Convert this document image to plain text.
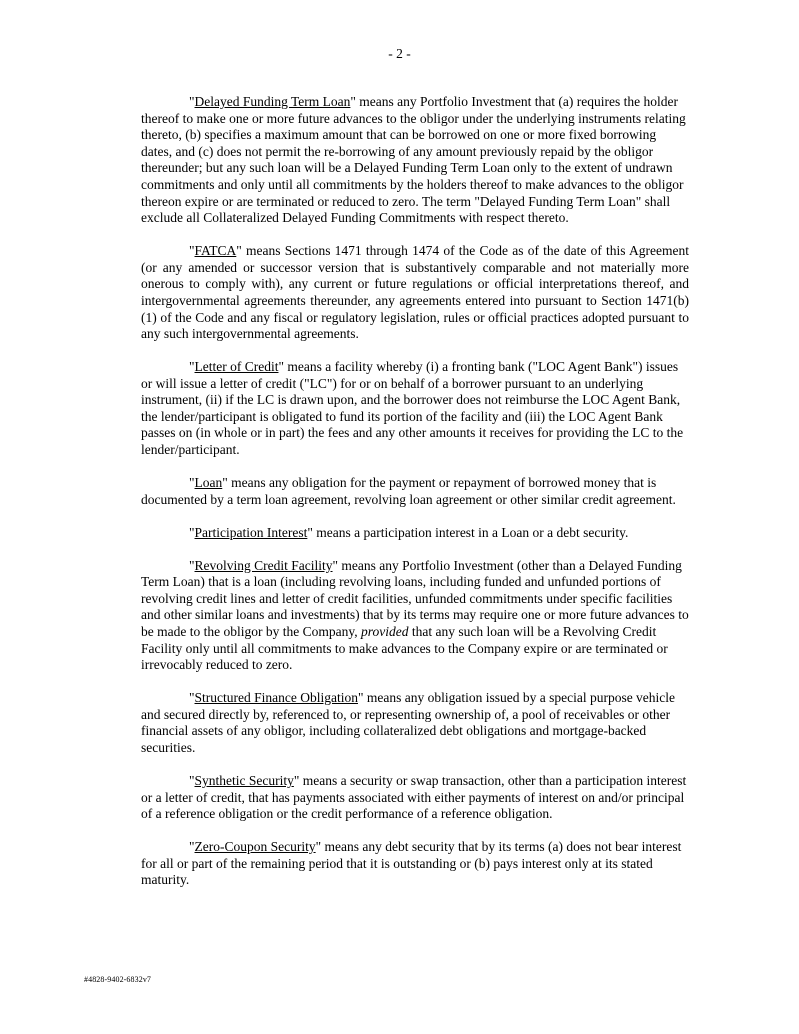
- 2 -

"Delayed Funding Term Loan" means any Portfolio Investment that (a) requires the holder thereof to make one or more future advances to the obligor under the underlying instruments relating thereto, (b) specifies a maximum amount that can be borrowed on one or more fixed borrowing dates, and (c) does not permit the re-borrowing of any amount previously repaid by the obligor thereunder; but any such loan will be a Delayed Funding Term Loan only to the extent of undrawn commitments and only until all commitments by the holders thereof to make advances to the obligor thereon expire or are terminated or reduced to zero. The term "Delayed Funding Term Loan" shall exclude all Collateralized Delayed Funding Commitments with respect thereto.

"FATCA" means Sections 1471 through 1474 of the Code as of the date of this Agreement (or any amended or successor version that is substantively comparable and not materially more onerous to comply with), any current or future regulations or official interpretations thereof, and intergovernmental agreements thereunder, any agreements entered into pursuant to Section 1471(b)(1) of the Code and any fiscal or regulatory legislation, rules or official practices adopted pursuant to any such intergovernmental agreements.

"Letter of Credit" means a facility whereby (i) a fronting bank ("LOC Agent Bank") issues or will issue a letter of credit ("LC") for or on behalf of a borrower pursuant to an underlying instrument, (ii) if the LC is drawn upon, and the borrower does not reimburse the LOC Agent Bank, the lender/participant is obligated to fund its portion of the facility and (iii) the LOC Agent Bank passes on (in whole or in part) the fees and any other amounts it receives for providing the LC to the lender/participant.

"Loan" means any obligation for the payment or repayment of borrowed money that is documented by a term loan agreement, revolving loan agreement or other similar credit agreement.

"Participation Interest" means a participation interest in a Loan or a debt security.

"Revolving Credit Facility" means any Portfolio Investment (other than a Delayed Funding Term Loan) that is a loan (including revolving loans, including funded and unfunded portions of revolving credit lines and letter of credit facilities, unfunded commitments under specific facilities and other similar loans and investments) that by its terms may require one or more future advances to be made to the obligor by the Company, provided that any such loan will be a Revolving Credit Facility only until all commitments to make advances to the Company expire or are terminated or irrevocably reduced to zero.

"Structured Finance Obligation" means any obligation issued by a special purpose vehicle and secured directly by, referenced to, or representing ownership of, a pool of receivables or other financial assets of any obligor, including collateralized debt obligations and mortgage-backed securities.

"Synthetic Security" means a security or swap transaction, other than a participation interest or a letter of credit, that has payments associated with either payments of interest on and/or principal of a reference obligation or the credit performance of a reference obligation.

"Zero-Coupon Security" means any debt security that by its terms (a) does not bear interest for all or part of the remaining period that it is outstanding or (b) pays interest only at its stated maturity.

#4828-9402-6832v7
